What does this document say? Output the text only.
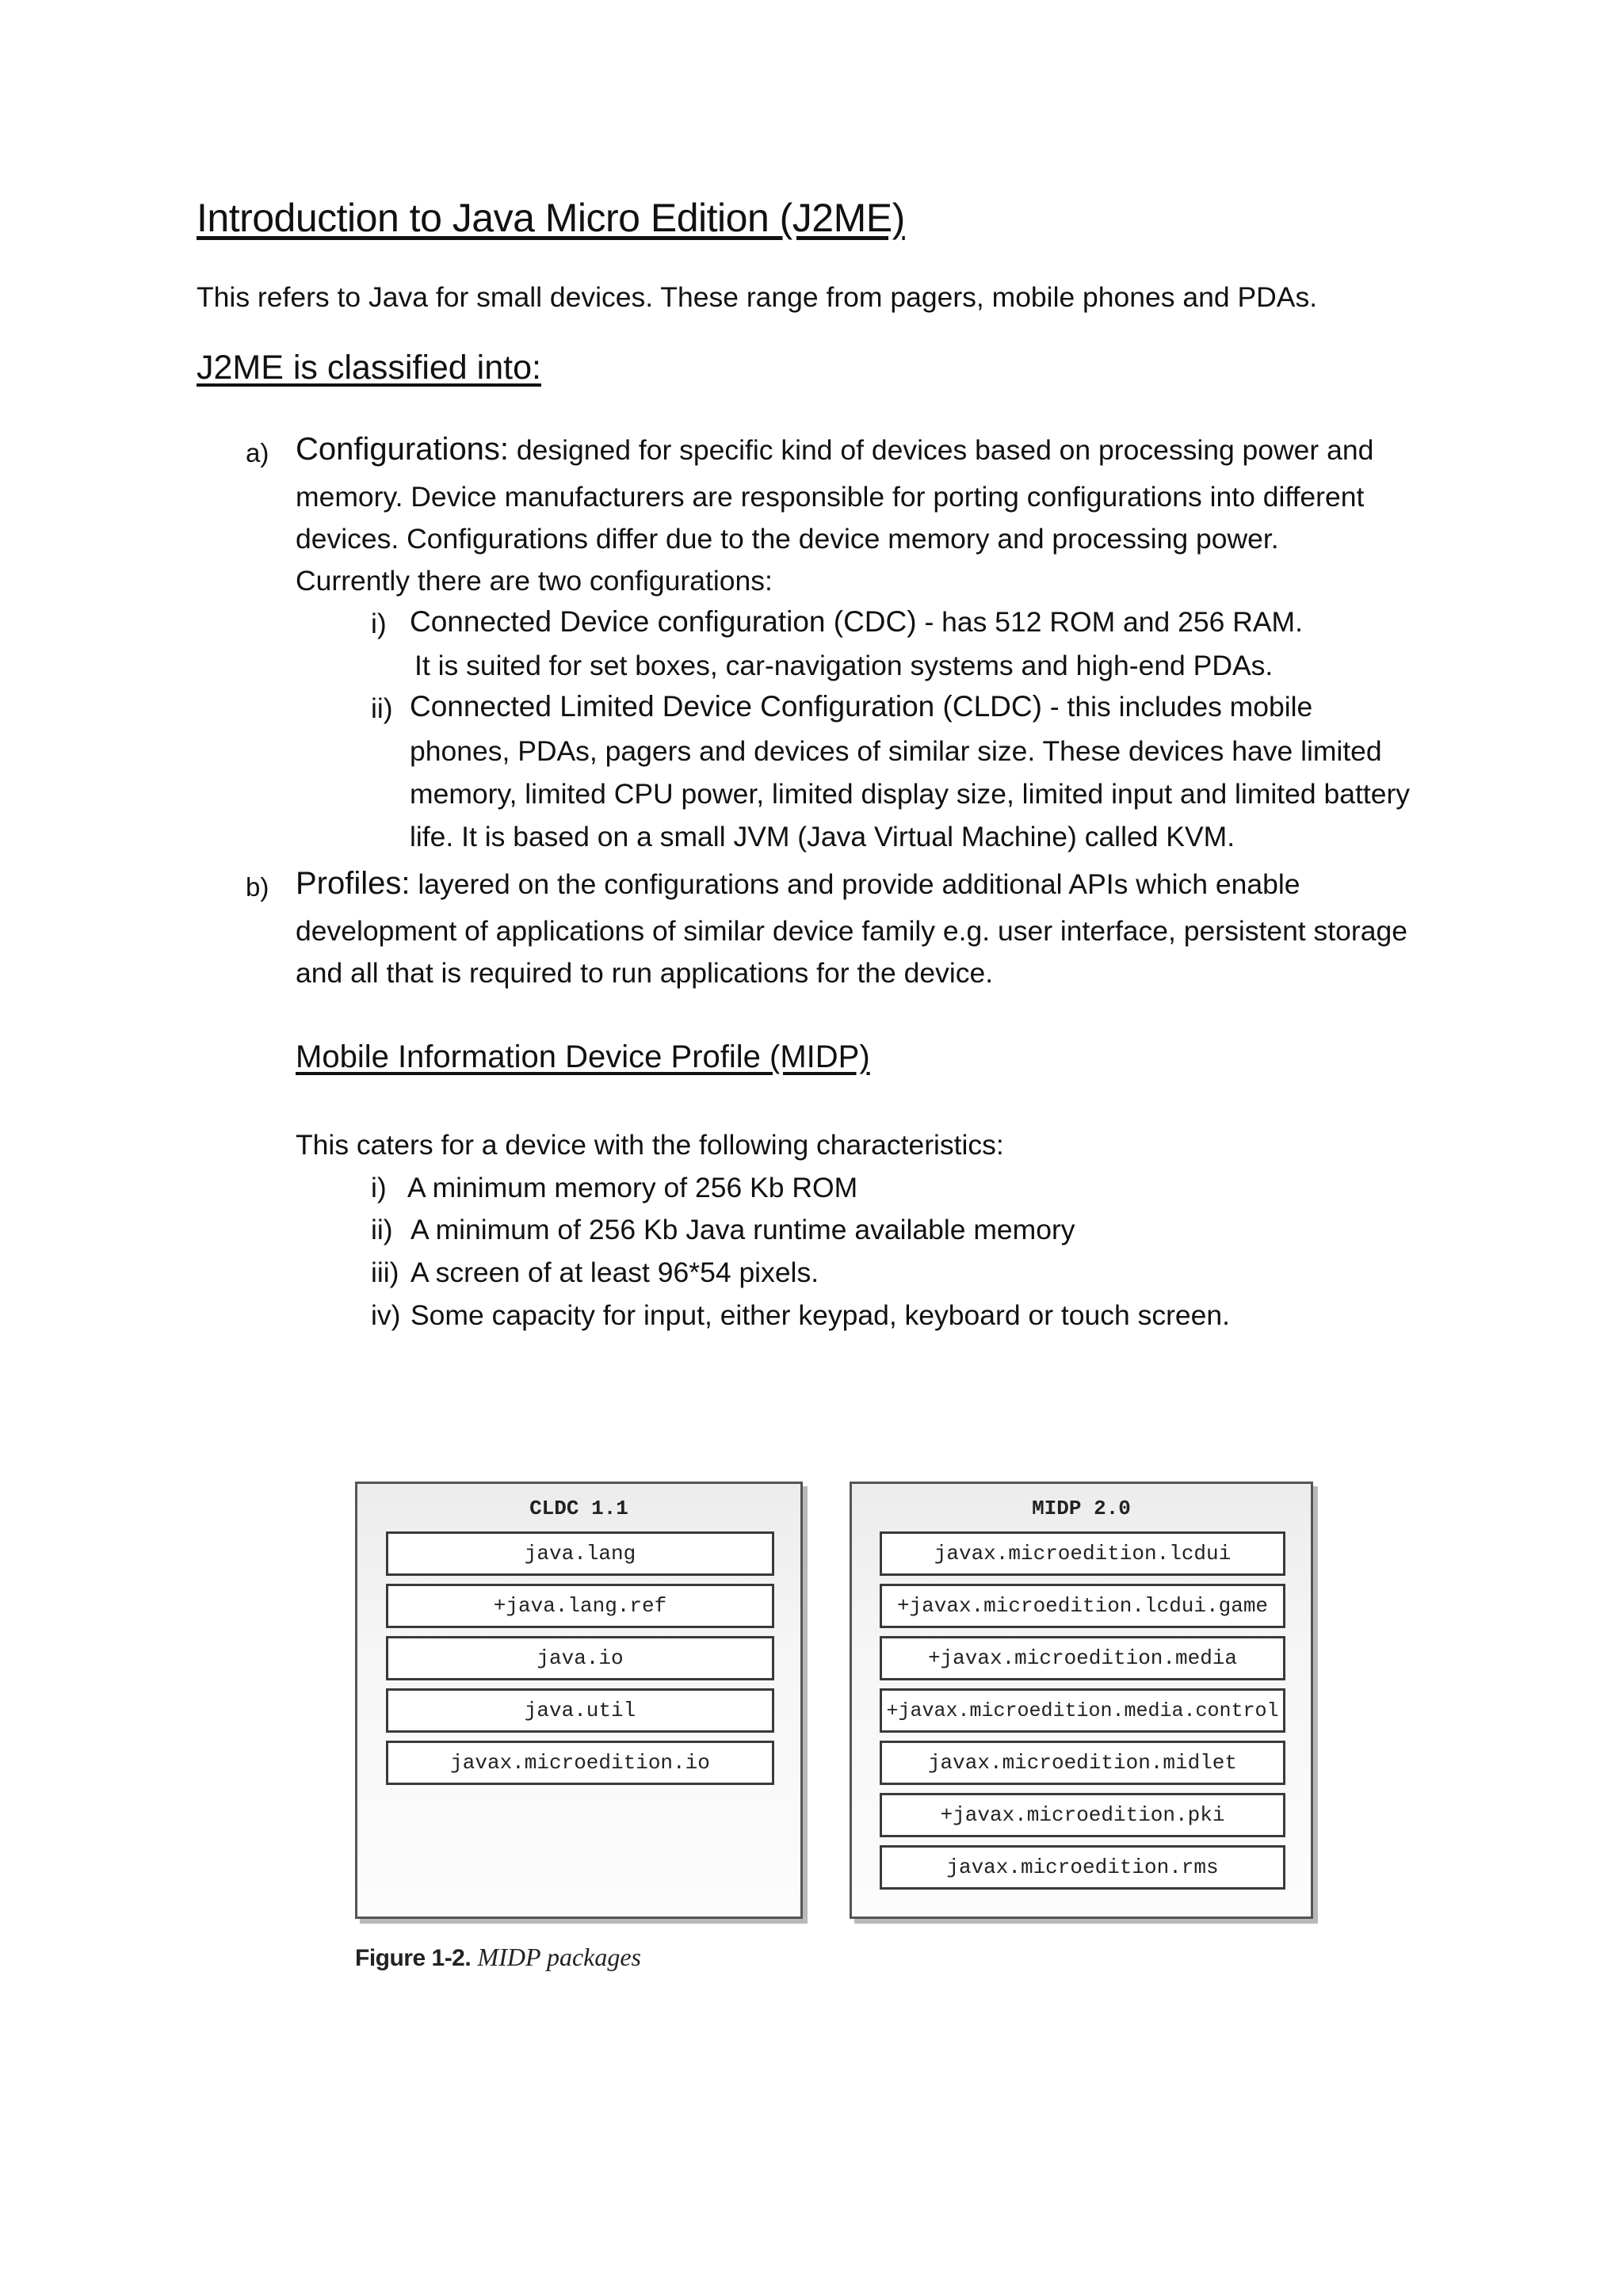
Introduction to Java Micro Edition (J2ME)
This refers to Java for small devices. These range from pagers, mobile phones and PDAs.
J2ME is classified into:
a) Configurations: designed for specific kind of devices based on processing power and
memory. Device manufacturers are responsible for porting configurations into different
devices. Configurations differ due to the device memory and processing power.
Currently there are two configurations:
i) Connected Device configuration (CDC) - has 512 ROM and 256 RAM.
It is suited for set boxes, car-navigation systems and high-end PDAs.
ii) Connected Limited Device Configuration (CLDC) - this includes mobile
phones, PDAs, pagers and devices of similar size. These devices have limited
memory, limited CPU power, limited display size, limited input and limited battery
life. It is based on a small JVM (Java Virtual Machine) called KVM.
b) Profiles: layered on the configurations and provide additional APIs which enable
development of applications of similar device family e.g. user interface, persistent storage
and all that is required to run applications for the device.
Mobile Information Device Profile (MIDP)
This caters for a device with the following characteristics:
i) A minimum memory of 256 Kb ROM
ii) A minimum of 256 Kb Java runtime available memory
iii) A screen of at least 96*54 pixels.
iv) Some capacity for input, either keypad, keyboard or touch screen.
CLDC 1.1
java.lang
+java.lang.ref
java.io
java.util
javax.microedition.io
MIDP 2.0
javax.microedition.lcdui
+javax.microedition.lcdui.game
+javax.microedition.media
+javax.microedition.media.control
javax.microedition.midlet
+javax.microedition.pki
javax.microedition.rms
Figure 1-2. MIDP packages
